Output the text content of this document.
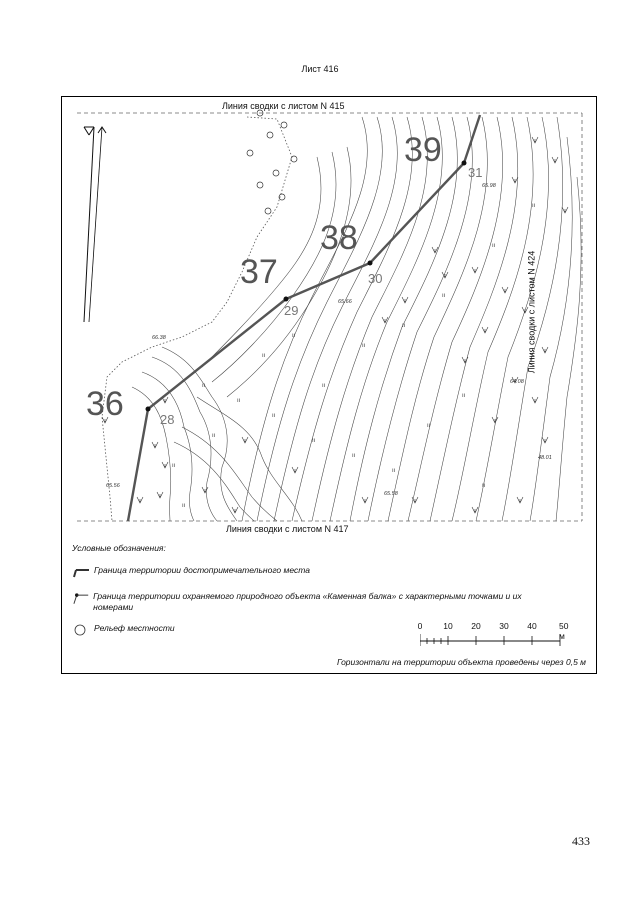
Лист 416
ıı
ıı
ıı
ıı
ıı
ıı
ıı
ıı
ıı
ıı
ıı
ıı
ıı
ıı
ıı
ıı
ıı
ıı
ıı
ıı
36
37
38
39
28
29
30
31
66.38
65.66
65.98
64.08
48.01
65.56
65.58
Линия сводки с листом N 415
Линия сводки с листом N 417
Линия сводки с листом N 424
Условные обозначения:
Граница территории достопримечательного места
Граница территории охраняемого природного объекта «Каменная балка» с характерными точками и их номерами
Рельеф местности	0 10 20 30 40	50 м
Горизонтали на территории объекта проведены через 0,5 м
433
